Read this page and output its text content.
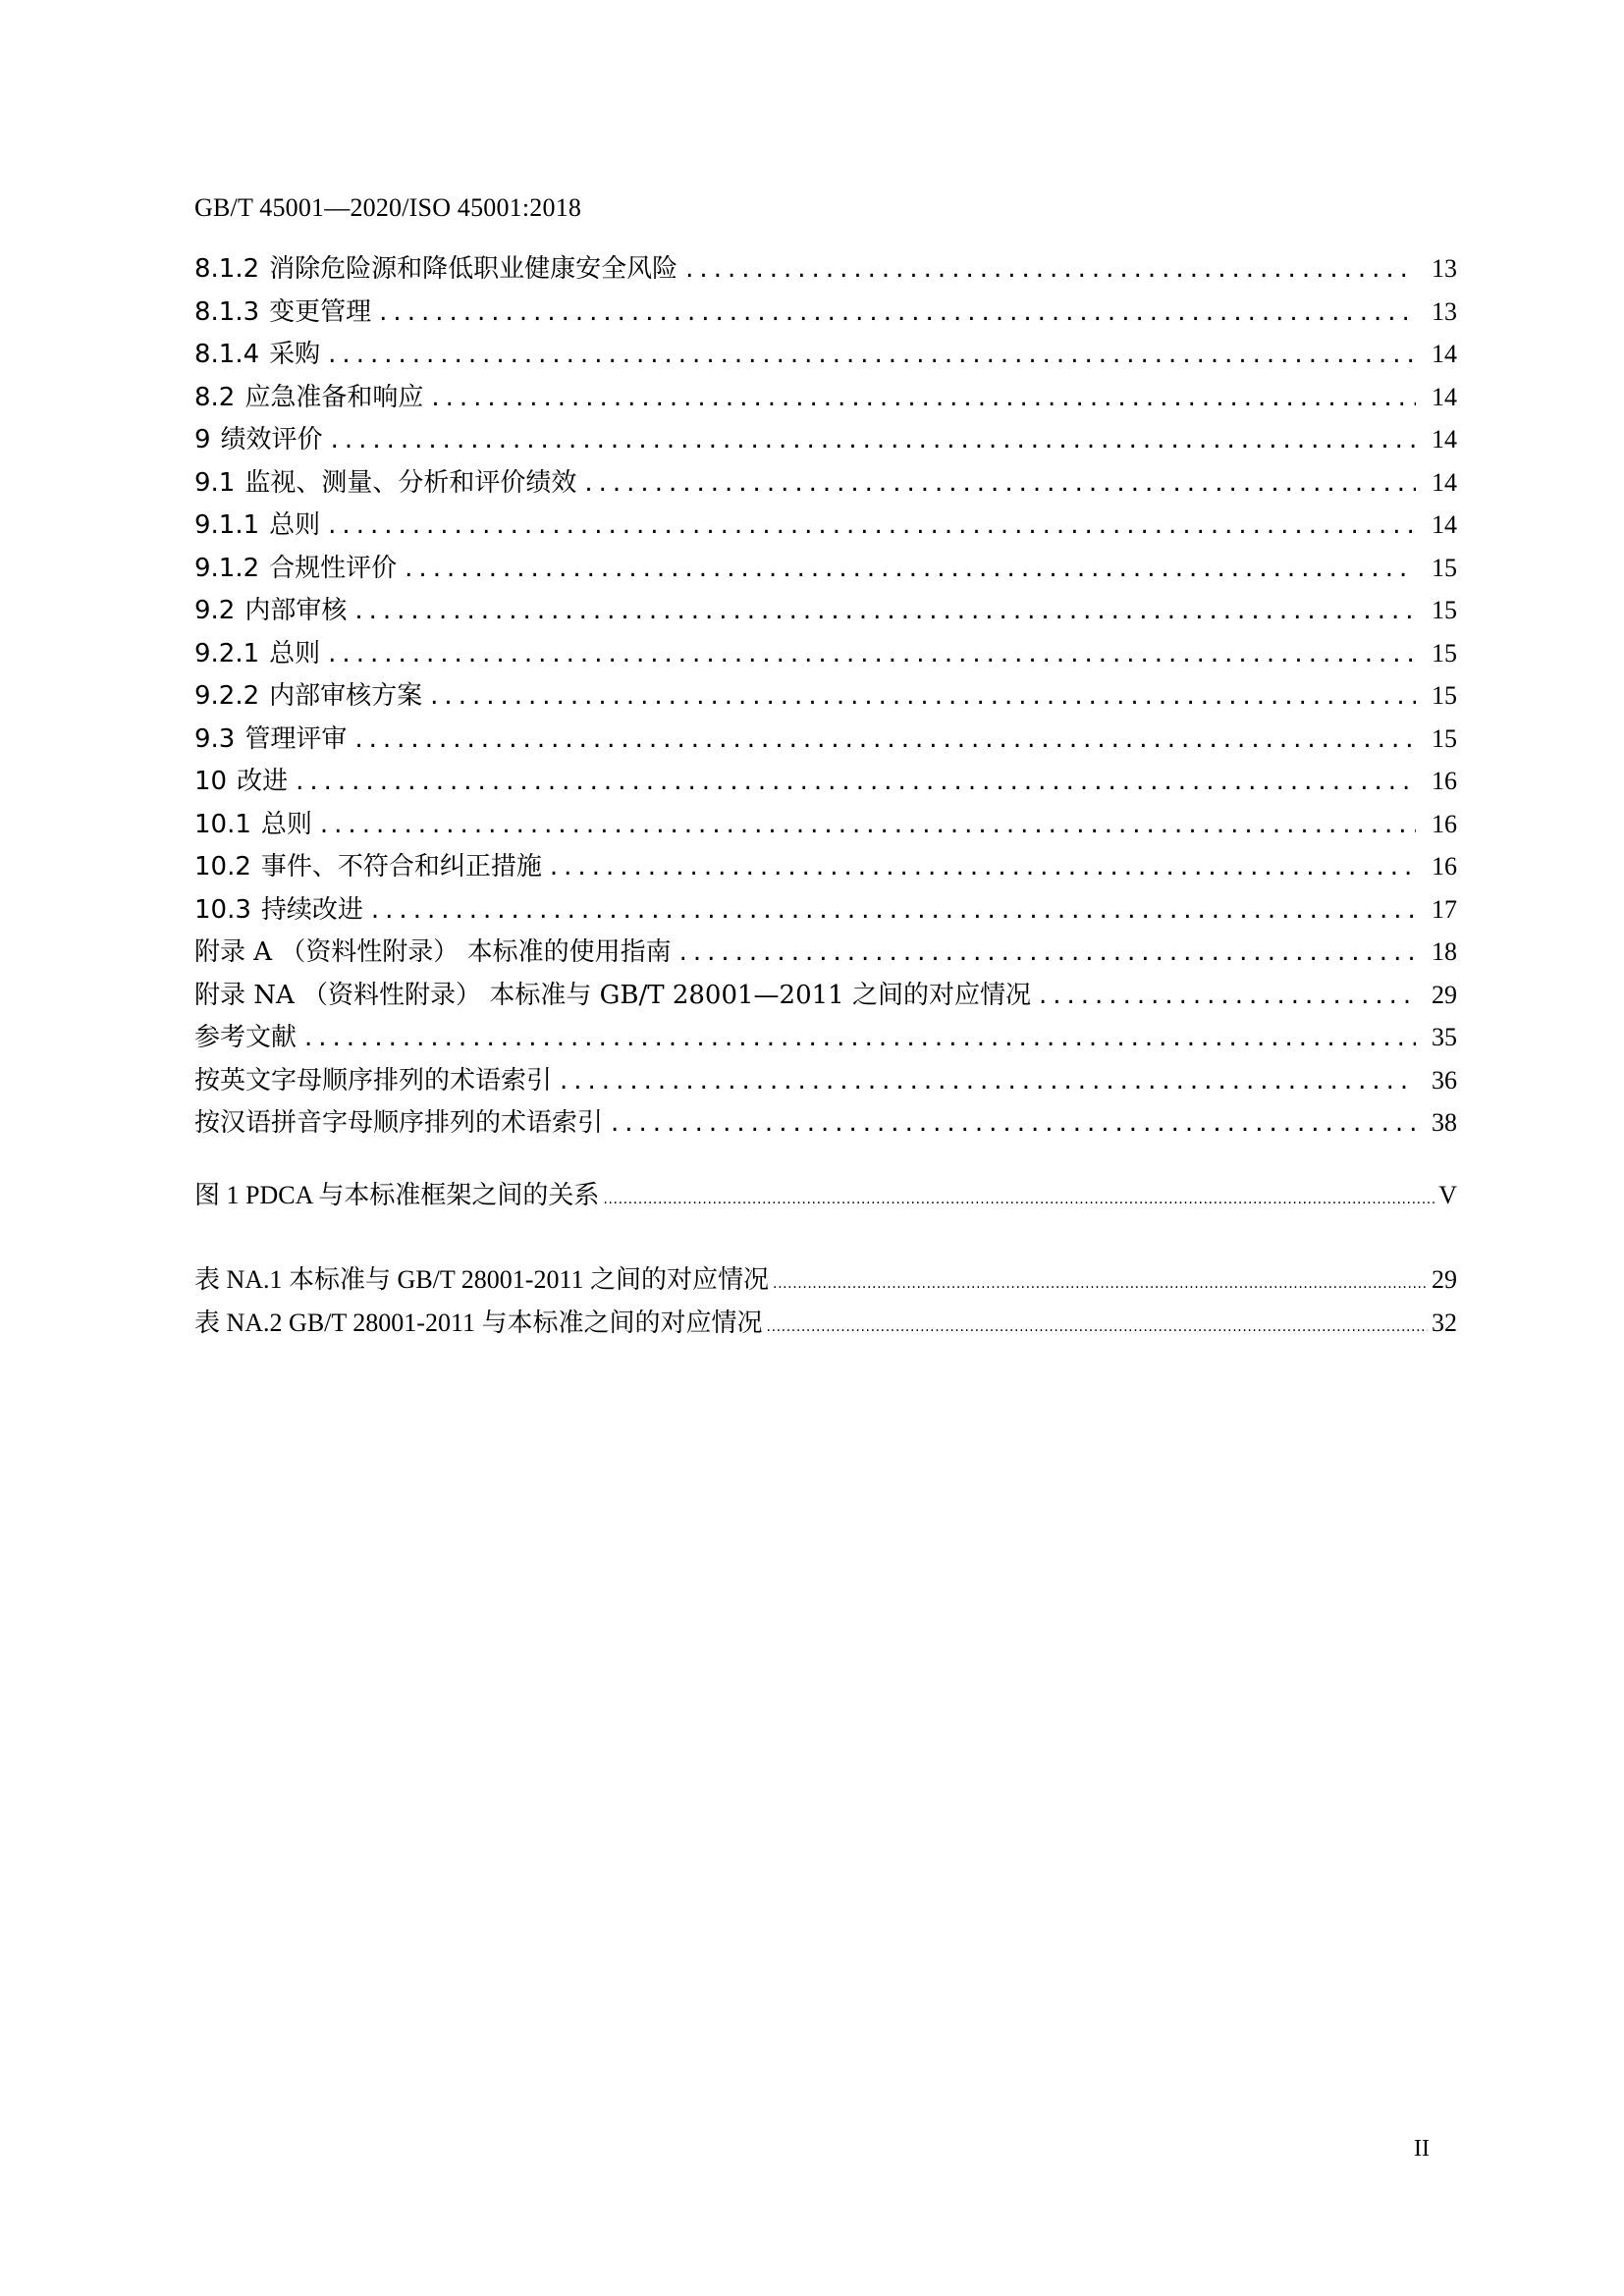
GB/T 45001—2020/ISO 45001:2018
8.1.2 消除危险源和降低职业健康安全风险 .....	13
8.1.3 变更管理 .....	13
8.1.4 采购 .....	14
8.2 应急准备和响应 .....	14
9 绩效评价 .....	14
9.1 监视、测量、分析和评价绩效 .....	14
9.1.1 总则 .....	14
9.1.2 合规性评价 .....	15
9.2 内部审核 .....	15
9.2.1 总则 .....	15
9.2.2 内部审核方案 .....	15
9.3 管理评审 .....	15
10 改进 .....	16
10.1 总则 .....	16
10.2 事件、不符合和纠正措施 .....	16
10.3 持续改进 .....	17
附录 A （资料性附录） 本标准的使用指南 .....	18
附录 NA （资料性附录） 本标准与 GB/T 28001—2011 之间的对应情况 .....	29
参考文献 .....	35
按英文字母顺序排列的术语索引 .....	36
按汉语拼音字母顺序排列的术语索引 .....	38
图 1 PDCA 与本标准框架之间的关系 .....	V
表 NA.1 本标准与 GB/T 28001-2011 之间的对应情况 .....	29
表 NA.2 GB/T 28001-2011 与本标准之间的对应情况 .....	32
II
